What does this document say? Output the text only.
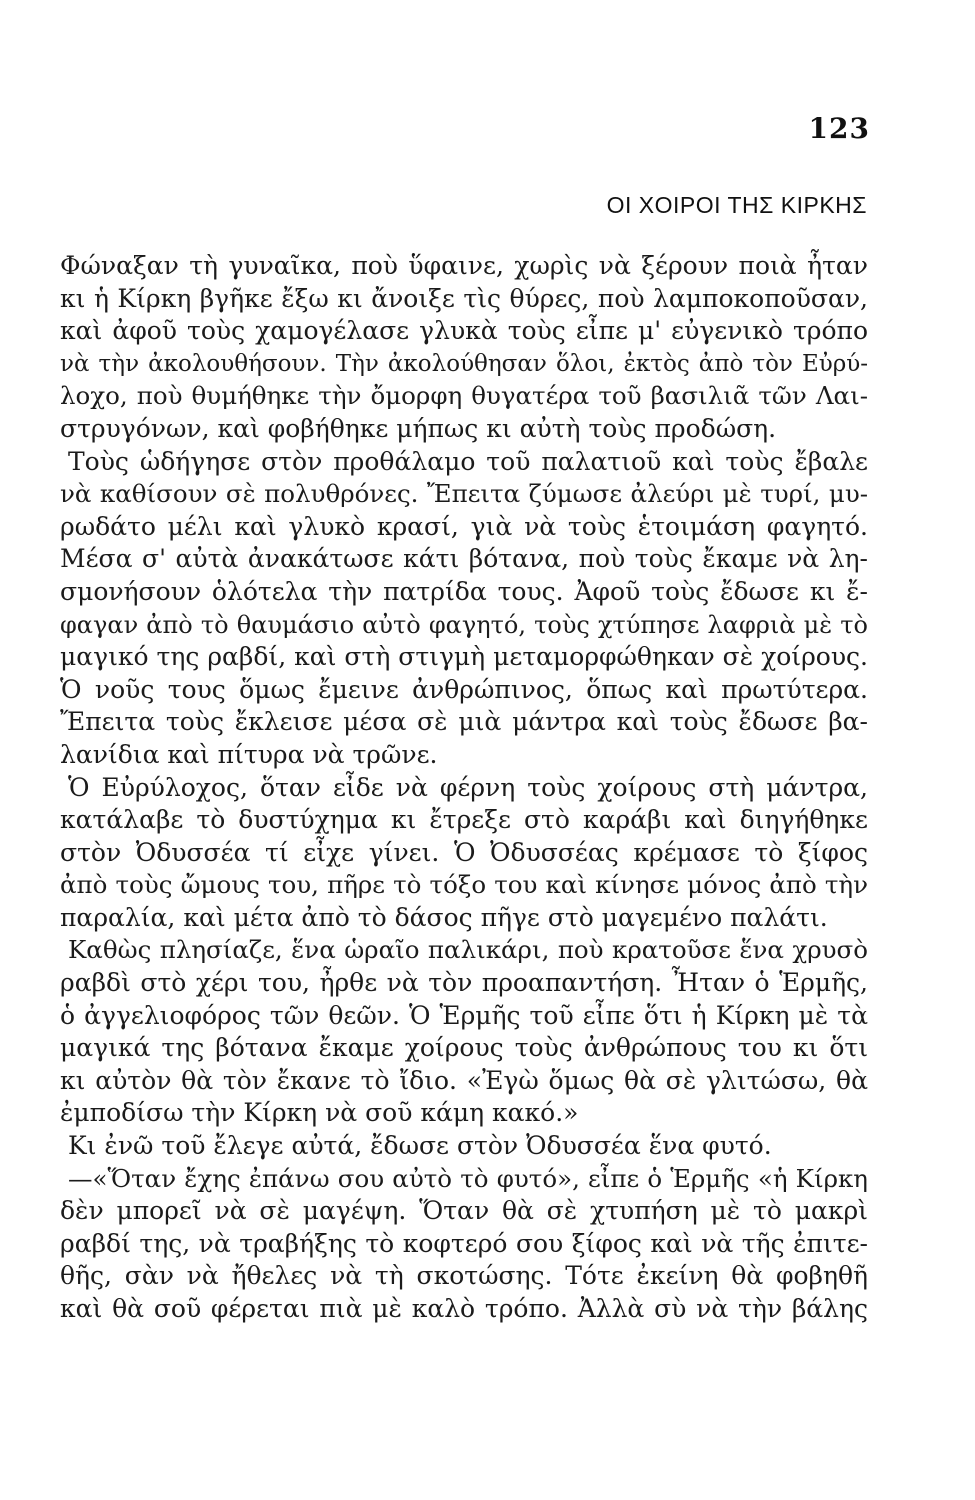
123
ΟΙ ΧΟΙΡΟΙ ΤΗΣ ΚΙΡΚΗΣ
Φώναξαν τὴ γυναῖκα, ποὺ ὕφαινε, χωρὶς νὰ ξέρουν ποιὰ ἦταν
κι ἡ Κίρκη βγῆκε ἔξω κι ἄνοιξε τὶς θύρες, ποὺ λαμποκοποῦσαν,
καὶ ἀφοῦ τοὺς χαμογέλασε γλυκὰ τοὺς εἶπε μ' εὐγενικὸ τρόπο
νὰ τὴν ἀκολουθήσουν. Τὴν ἀκολούθησαν ὅλοι, ἐκτὸς ἀπὸ τὸν Εὐρύ-
λοχο, ποὺ θυμήθηκε τὴν ὄμορφη θυγατέρα τοῦ βασιλιᾶ τῶν Λαι-
στρυγόνων, καὶ φοβήθηκε μήπως κι αὐτὴ τοὺς προδώση.
Τοὺς ὡδήγησε στὸν προθάλαμο τοῦ παλατιοῦ καὶ τοὺς ἔβαλε
νὰ καθίσουν σὲ πολυθρόνες. Ἔπειτα ζύμωσε ἀλεύρι μὲ τυρί, μυ-
ρωδάτο μέλι καὶ γλυκὸ κρασί, γιὰ νὰ τοὺς ἑτοιμάση φαγητό.
Μέσα σ' αὐτὰ ἀνακάτωσε κάτι βότανα, ποὺ τοὺς ἔκαμε νὰ λη-
σμονήσουν ὁλότελα τὴν πατρίδα τους. Ἀφοῦ τοὺς ἔδωσε κι ἔ-
φαγαν ἀπὸ τὸ θαυμάσιο αὐτὸ φαγητό, τοὺς χτύπησε λαφριὰ μὲ τὸ
μαγικό της ραβδί, καὶ στὴ στιγμὴ μεταμορφώθηκαν σὲ χοίρους.
Ὁ νοῦς τους ὅμως ἔμεινε ἀνθρώπινος, ὅπως καὶ πρωτύτερα.
Ἔπειτα τοὺς ἔκλεισε μέσα σὲ μιὰ μάντρα καὶ τοὺς ἔδωσε βα-
λανίδια καὶ πίτυρα νὰ τρῶνε.
Ὁ Εὐρύλοχος, ὅταν εἶδε νὰ φέρνη τοὺς χοίρους στὴ μάντρα,
κατάλαβε τὸ δυστύχημα κι ἔτρεξε στὸ καράβι καὶ διηγήθηκε
στὸν Ὀδυσσέα τί εἶχε γίνει. Ὁ Ὀδυσσέας κρέμασε τὸ ξίφος
ἀπὸ τοὺς ὤμους του, πῆρε τὸ τόξο του καὶ κίνησε μόνος ἀπὸ τὴν
παραλία, καὶ μέτα ἀπὸ τὸ δάσος πῆγε στὸ μαγεμένο παλάτι.
Καθὼς πλησίαζε, ἕνα ὡραῖο παλικάρι, ποὺ κρατοῦσε ἕνα χρυσὸ
ραβδὶ στὸ χέρι του, ἦρθε νὰ τὸν προαπαντήση. Ἦταν ὁ Ἑρμῆς,
ὁ ἀγγελιοφόρος τῶν θεῶν. Ὁ Ἑρμῆς τοῦ εἶπε ὅτι ἡ Κίρκη μὲ τὰ
μαγικά της βότανα ἔκαμε χοίρους τοὺς ἀνθρώπους του κι ὅτι
κι αὐτὸν θὰ τὸν ἔκανε τὸ ἴδιο. «Ἐγὼ ὅμως θὰ σὲ γλιτώσω, θὰ
ἐμποδίσω τὴν Κίρκη νὰ σοῦ κάμη κακό.»
Κι ἐνῶ τοῦ ἔλεγε αὐτά, ἔδωσε στὸν Ὀδυσσέα ἕνα φυτό.
—«Ὅταν ἔχης ἐπάνω σου αὐτὸ τὸ φυτό», εἶπε ὁ Ἑρμῆς «ἡ Κίρκη
δὲν μπορεῖ νὰ σὲ μαγέψη. Ὅταν θὰ σὲ χτυπήση μὲ τὸ μακρὶ
ραβδί της, νὰ τραβήξης τὸ κοφτερό σου ξίφος καὶ νὰ τῆς ἐπιτε-
θῆς, σὰν νὰ ἤθελες νὰ τὴ σκοτώσης. Τότε ἐκείνη θὰ φοβηθῆ
καὶ θὰ σοῦ φέρεται πιὰ μὲ καλὸ τρόπο. Ἀλλὰ σὺ νὰ τὴν βάλης
